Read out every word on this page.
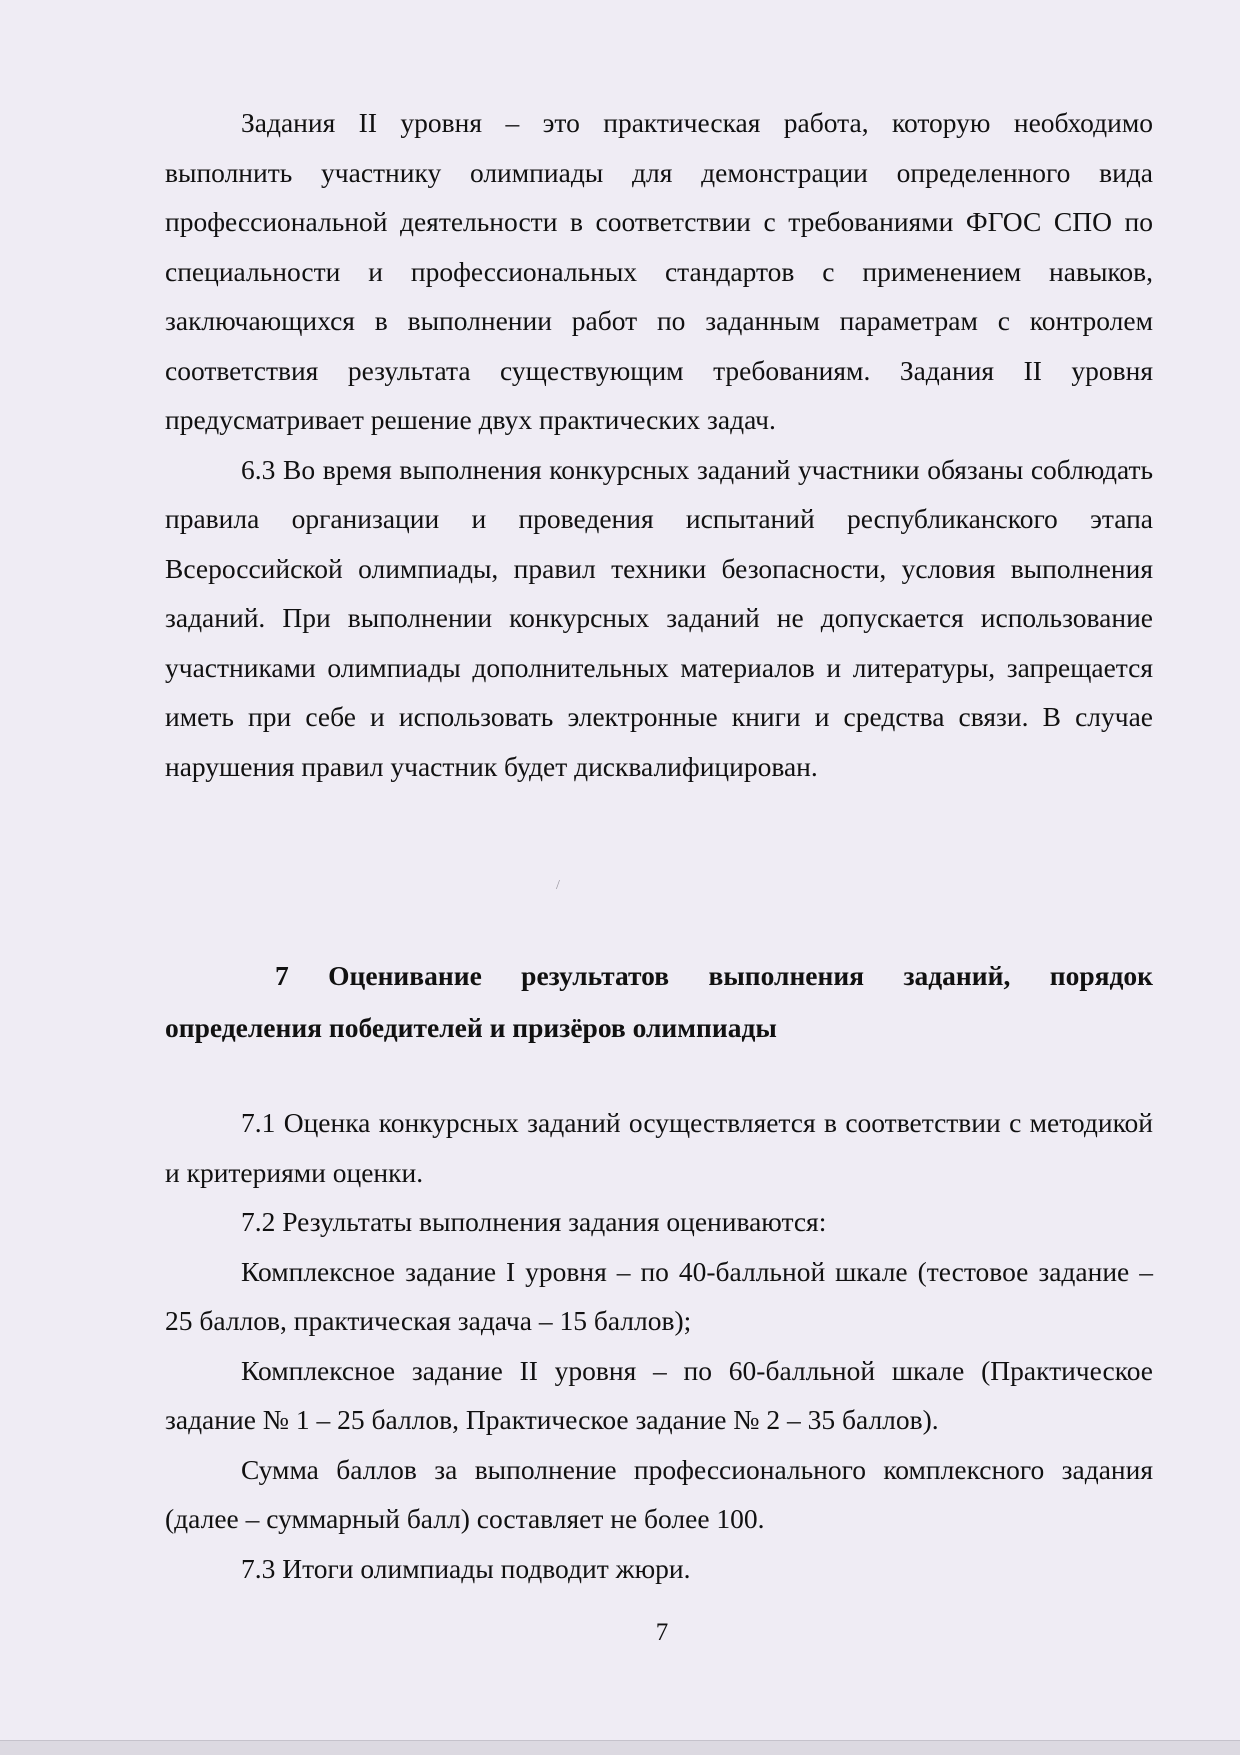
Задания II уровня – это практическая работа, которую необходимо выполнить участнику олимпиады для демонстрации определенного вида профессиональной деятельности в соответствии с требованиями ФГОС СПО по специальности и профессиональных стандартов с применением навыков, заключающихся в выполнении работ по заданным параметрам с контролем соответствия результата существующим требованиям. Задания II уровня предусматривает решение двух практических задач.

6.3 Во время выполнения конкурсных заданий участники обязаны соблюдать правила организации и проведения испытаний республиканского этапа Всероссийской олимпиады, правил техники безопасности, условия выполнения заданий. При выполнении конкурсных заданий не допускается использование участниками олимпиады дополнительных материалов и литературы, запрещается иметь при себе и использовать электронные книги и средства связи. В случае нарушения правил участник будет дисквалифицирован.

7 Оценивание результатов выполнения заданий, порядок определения победителей и призёров олимпиады

7.1 Оценка конкурсных заданий осуществляется в соответствии с методикой и критериями оценки.

7.2 Результаты выполнения задания оцениваются:

Комплексное задание I уровня – по 40-балльной шкале (тестовое задание – 25 баллов, практическая задача – 15 баллов);

Комплексное задание II уровня – по 60-балльной шкале (Практическое задание № 1 – 25 баллов, Практическое задание № 2 – 35 баллов).

Сумма баллов за выполнение профессионального комплексного задания (далее – суммарный балл) составляет не более 100.

7.3 Итоги олимпиады подводит жюри.

7
/
